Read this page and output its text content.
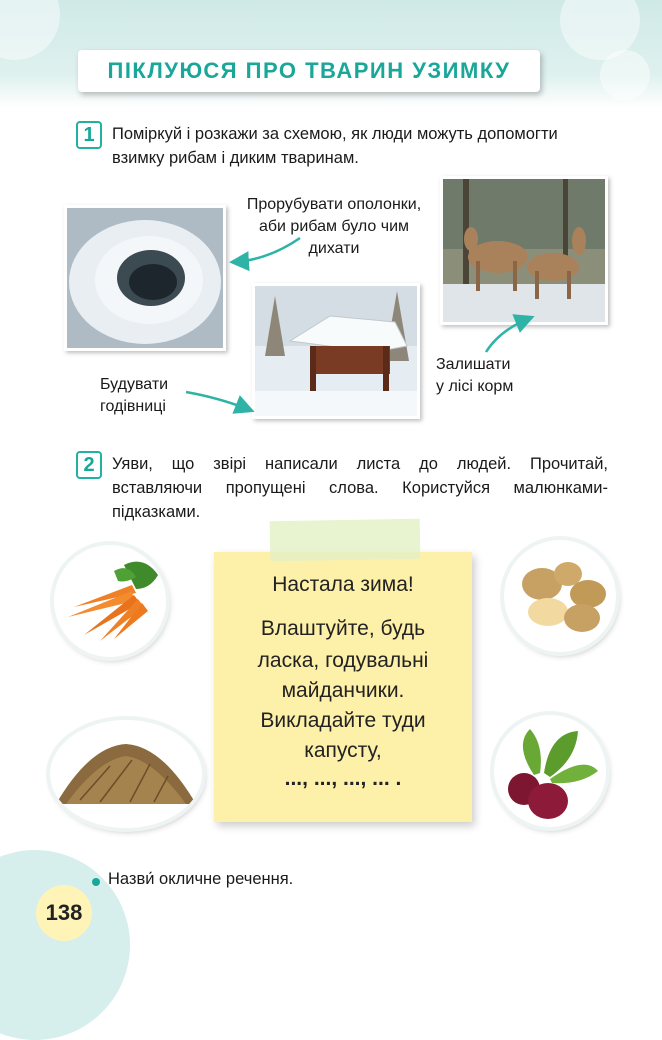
ПІКЛУЮСЯ ПРО ТВАРИН УЗИМКУ
1	Поміркуй і розкажи за схемою, як люди можуть допомогти
взимку рибам і диким тваринам.
Прорубувати ополонки,
аби рибам було чим
дихати
Будувати
годівниці
Залишати
у лісі корм
2	Уяви, що звірі написали листа до людей. Прочитай,
вставляючи пропущені слова. Користуйся малюнками-
підказками.
Настала зима!
Влаштуйте, будь
ласка, годувальні
майданчики.
Викладайте туди
капусту,
..., ..., ..., ... .
138
Назви́ окличне речення.
